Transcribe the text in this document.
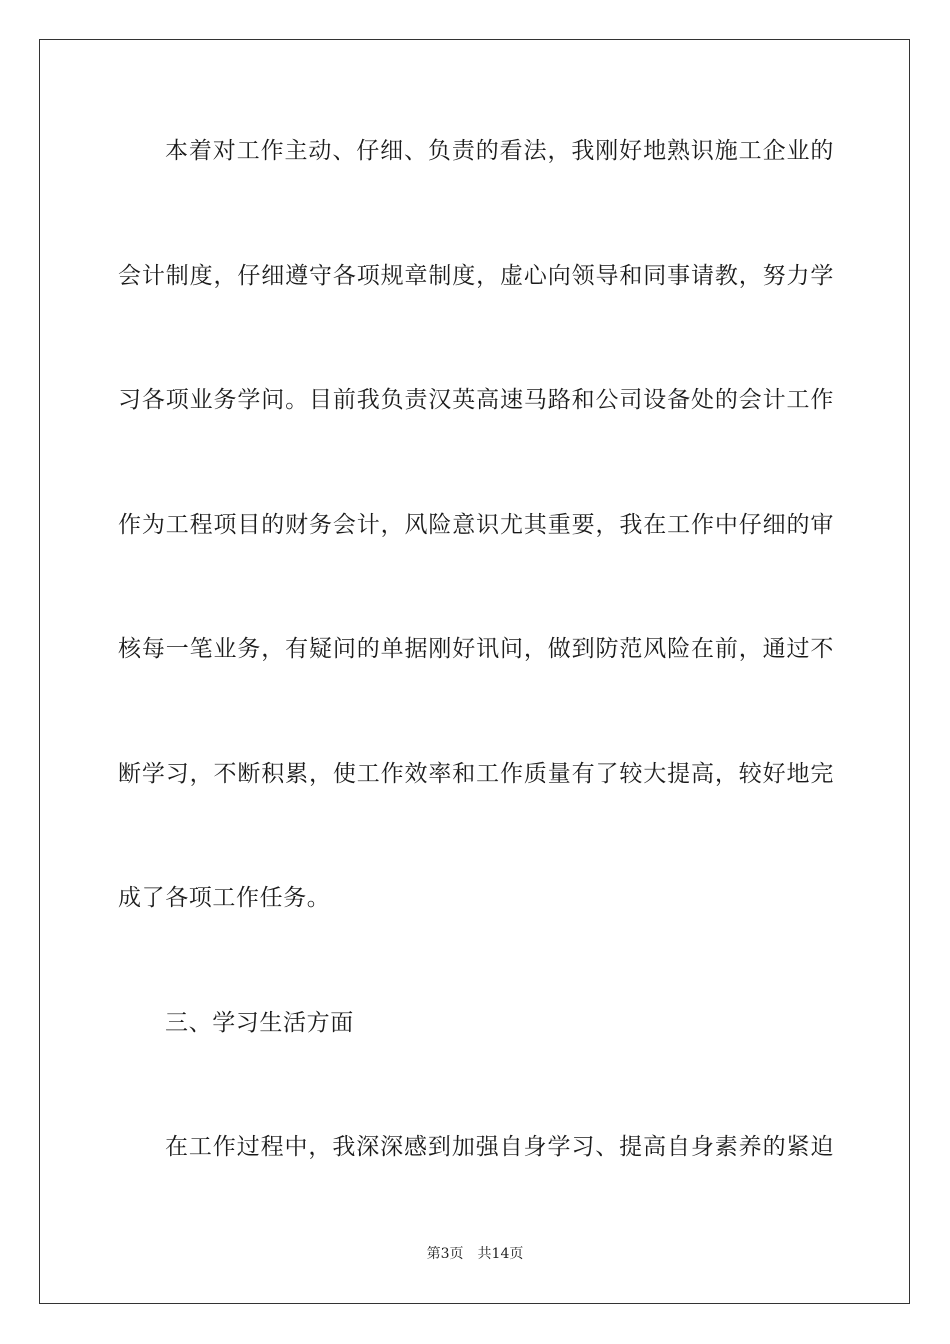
本着对工作主动、仔细、负责的看法，我刚好地熟识施工企业的
会计制度，仔细遵守各项规章制度，虚心向领导和同事请教，努力学
习各项业务学问。目前我负责汉英高速马路和公司设备处的会计工作
作为工程项目的财务会计，风险意识尤其重要，我在工作中仔细的审
核每一笔业务，有疑问的单据刚好讯问，做到防范风险在前，通过不
断学习，不断积累，使工作效率和工作质量有了较大提高，较好地完
成了各项工作任务。
三、学习生活方面
在工作过程中，我深深感到加强自身学习、提高自身素养的紧迫
第3页 共14页
